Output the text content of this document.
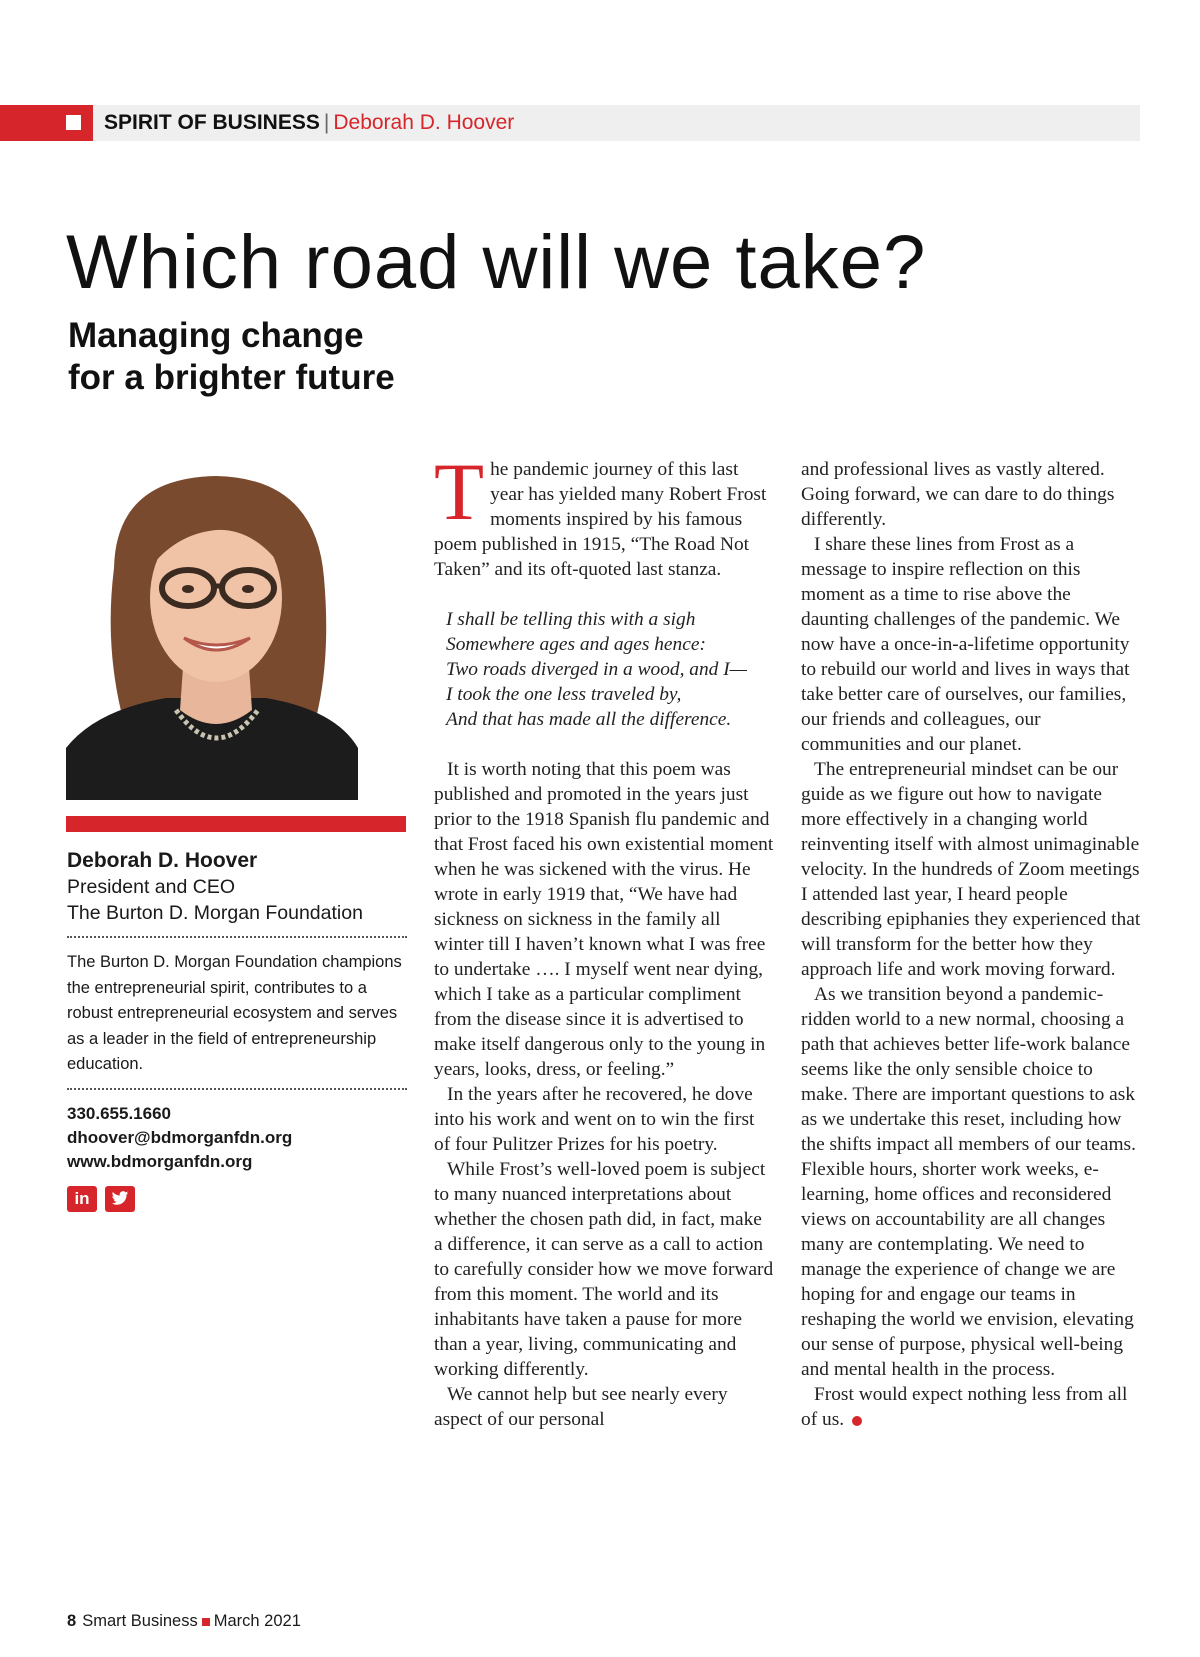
SPIRIT OF BUSINESS | Deborah D. Hoover
Which road will we take?
Managing change
for a brighter future

Deborah D. Hoover

President and CEO

The Burton D. Morgan Foundation

The Burton D. Morgan Foundation champions the entrepreneurial spirit, contributes to a robust entrepreneurial ecosystem and serves as a leader in the field of entrepreneurship education.

330.655.1660

dhoover@bdmorganfdn.org

www.bdmorganfdn.org

in

The pandemic journey of this last year has yielded many Robert Frost moments inspired by his famous poem published in 1915, “The Road Not Taken” and its oft-quoted last stanza.

I shall be telling this with a sigh
Somewhere ages and ages hence:
Two roads diverged in a wood, and I—
I took the one less traveled by,
And that has made all the difference.

It is worth noting that this poem was published and promoted in the years just prior to the 1918 Spanish flu pandemic and that Frost faced his own existential moment when he was sickened with the virus. He wrote in early 1919 that, “We have had sickness on sickness in the family all winter till I haven’t known what I was free to undertake …. I myself went near dying, which I take as a particular compliment from the disease since it is advertised to make itself dangerous only to the young in years, looks, dress, or feeling.”

In the years after he recovered, he dove into his work and went on to win the first of four Pulitzer Prizes for his poetry.

While Frost’s well-loved poem is subject to many nuanced interpretations about whether the chosen path did, in fact, make a difference, it can serve as a call to action to carefully consider how we move forward from this moment. The world and its inhabitants have taken a pause for more than a year, living, communicating and working differently.

We cannot help but see nearly every aspect of our personal

and professional lives as vastly altered. Going forward, we can dare to do things differently.

I share these lines from Frost as a message to inspire reflection on this moment as a time to rise above the daunting challenges of the pandemic. We now have a once-in-a-lifetime opportunity to rebuild our world and lives in ways that take better care of ourselves, our families, our friends and colleagues, our communities and our planet.

The entrepreneurial mindset can be our guide as we figure out how to navigate more effectively in a changing world reinventing itself with almost unimaginable velocity. In the hundreds of Zoom meetings I attended last year, I heard people describing epiphanies they experienced that will transform for the better how they approach life and work moving forward.

As we transition beyond a pandemic-ridden world to a new normal, choosing a path that achieves better life-work balance seems like the only sensible choice to make. There are important questions to ask as we undertake this reset, including how the shifts impact all members of our teams. Flexible hours, shorter work weeks, e-learning, home offices and reconsidered views on accountability are all changes many are contemplating. We need to manage the experience of change we are hoping for and engage our teams in reshaping the world we envision, elevating our sense of purpose, physical well-being and mental health in the process.

Frost would expect nothing less from all of us.

8 Smart Business March 2021
